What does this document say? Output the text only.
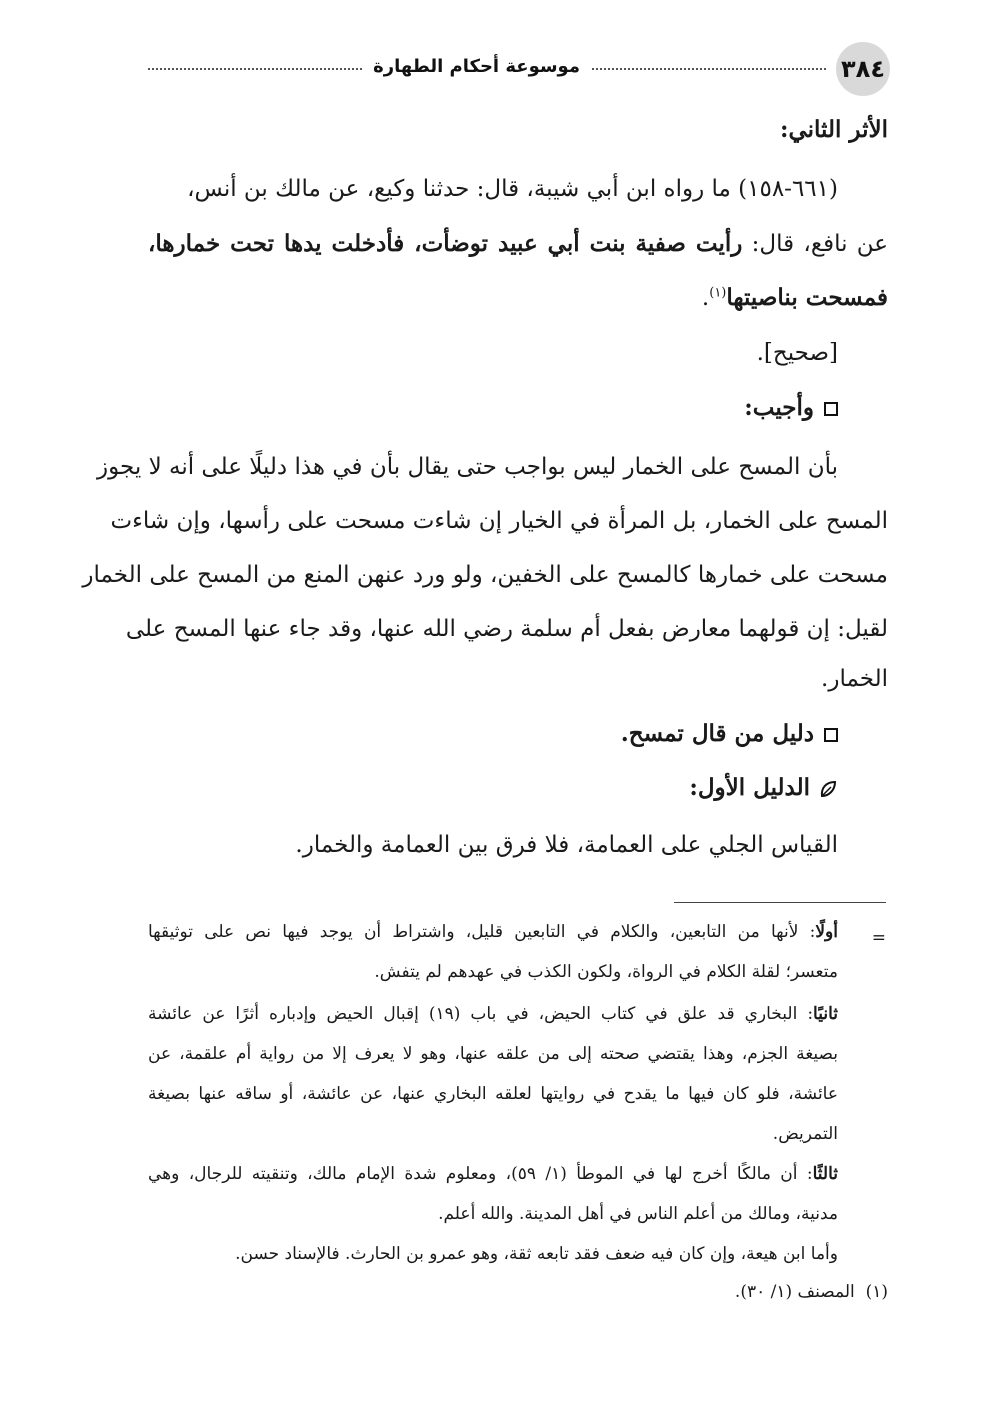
٣٨٤
موسوعة أحكام الطهارة
الأثر الثاني:
(٦٦١-١٥٨) ما رواه ابن أبي شيبة، قال: حدثنا وكيع، عن مالك بن أنس،
عن نافع، قال: رأيت صفية بنت أبي عبيد توضأت، فأدخلت يدها تحت خمارها،
فمسحت بناصيتها$^{(١)}$.
[صحيح].
وأجيب:
بأن المسح على الخمار ليس بواجب حتى يقال بأن في هذا دليلًا على أنه لا يجوز
المسح على الخمار، بل المرأة في الخيار إن شاءت مسحت على رأسها، وإن شاءت
مسحت على خمارها كالمسح على الخفين، ولو ورد عنهن المنع من المسح على الخمار
لقيل: إن قولهما معارض بفعل أم سلمة رضي الله عنها، وقد جاء عنها المسح على
الخمار.
دليل من قال تمسح.
الدليل الأول:
القياس الجلي على العمامة، فلا فرق بين العمامة والخمار.
=
أولًا: لأنها من التابعين، والكلام في التابعين قليل، واشتراط أن يوجد فيها نص على توثيقها
متعسر؛ لقلة الكلام في الرواة، ولكون الكذب في عهدهم لم يتفش.
ثانيًا: البخاري قد علق في كتاب الحيض، في باب (١٩) إقبال الحيض وإدباره أثرًا عن عائشة
بصيغة الجزم، وهذا يقتضي صحته إلى من علقه عنها، وهو لا يعرف إلا من رواية أم علقمة، عن
عائشة، فلو كان فيها ما يقدح في روايتها لعلقه البخاري عنها، عن عائشة، أو ساقه عنها بصيغة
التمريض.
ثالثًا: أن مالكًا أخرج لها في الموطأ (١/ ٥٩)، ومعلوم شدة الإمام مالك، وتنقيته للرجال، وهي
مدنية، ومالك من أعلم الناس في أهل المدينة. والله أعلم.
وأما ابن هيعة، وإن كان فيه ضعف فقد تابعه ثقة، وهو عمرو بن الحارث. فالإسناد حسن.
(١)  المصنف (١/ ٣٠).
